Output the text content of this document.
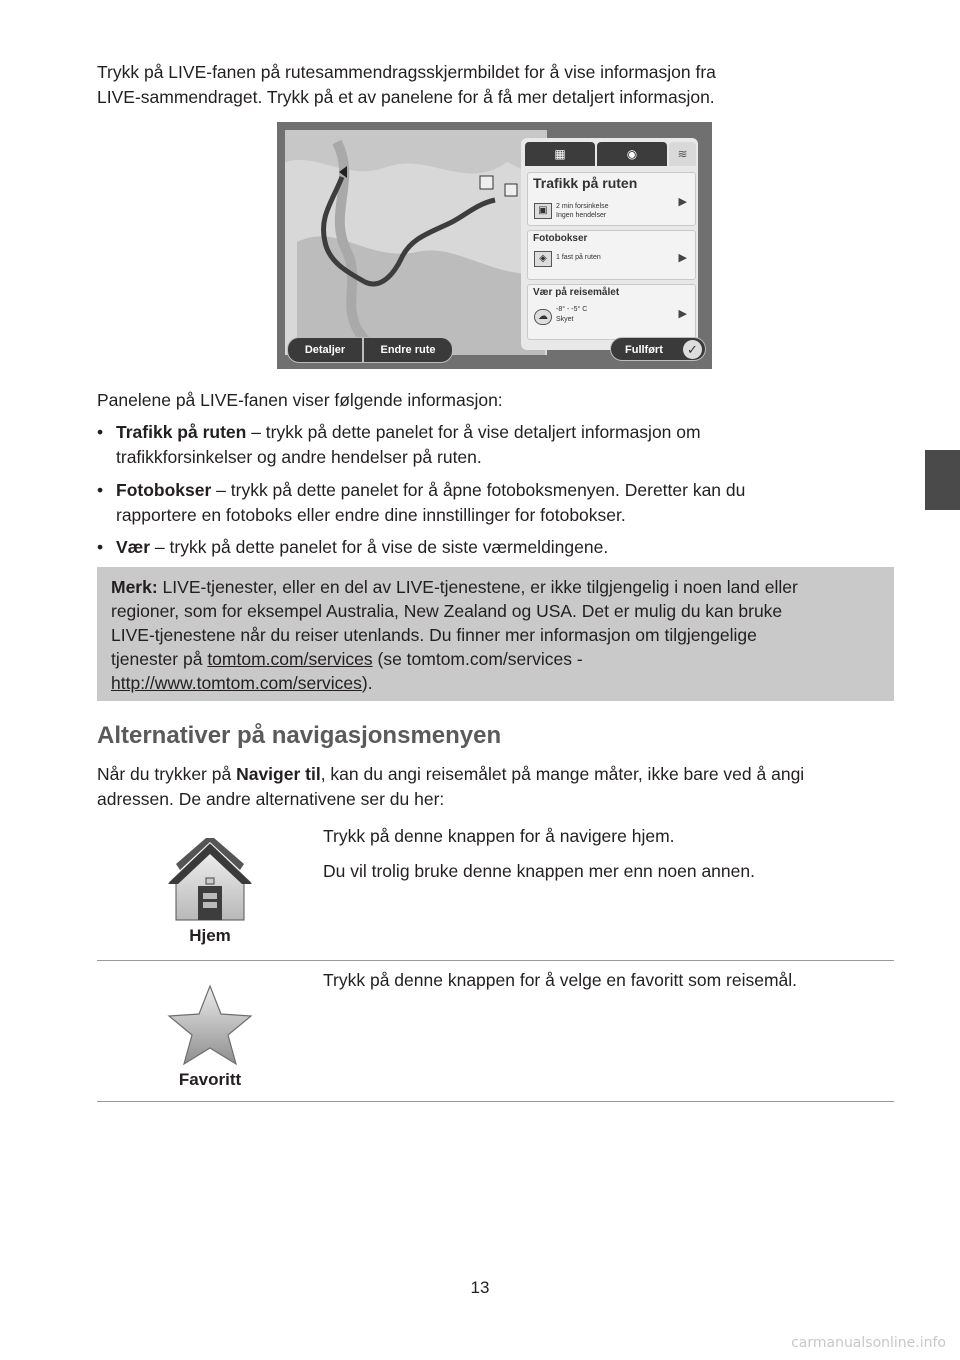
Trykk på LIVE-fanen på rutesammendragsskjermbildet for å vise informasjon fra
LIVE-sammendraget. Trykk på et av panelene for å få mer detaljert informasjon.

▦	◉	≋
Trafikk på ruten
▣	2 min forsinkelse
Ingen hendelser
▶
Fotobokser
◈	1 fast på ruten	▶
Vær på reisemålet
☁
-8° - -5° C
Skyet	▶
Detaljer	Endre rute	Fullført	✓

Panelene på LIVE-fanen viser følgende informasjon:

• Trafikk på ruten – trykk på dette panelet for å vise detaljert informasjon om
trafikkforsinkelser og andre hendelser på ruten.
• Fotobokser – trykk på dette panelet for å åpne fotoboksmenyen. Deretter kan du
rapportere en fotoboks eller endre dine innstillinger for fotobokser.
• Vær – trykk på dette panelet for å vise de siste værmeldingene.
Merk: LIVE-tjenester, eller en del av LIVE-tjenestene, er ikke tilgjengelig i noen land eller
regioner, som for eksempel Australia, New Zealand og USA. Det er mulig du kan bruke
LIVE-tjenestene når du reiser utenlands. Du finner mer informasjon om tilgjengelige
tjenester på tomtom.com/services (se tomtom.com/services -
http://www.tomtom.com/services).
Alternativer på navigasjonsmenyen

Når du trykker på Naviger til, kan du angi reisemålet på mange måter, ikke bare ved å angi
adressen. De andre alternativene ser du her:

Hjem
Trykk på denne knappen for å navigere hjem.
Du vil trolig bruke denne knappen mer enn noen annen.
Favoritt
Trykk på denne knappen for å velge en favoritt som reisemål.
13
carmanualsonline.info
